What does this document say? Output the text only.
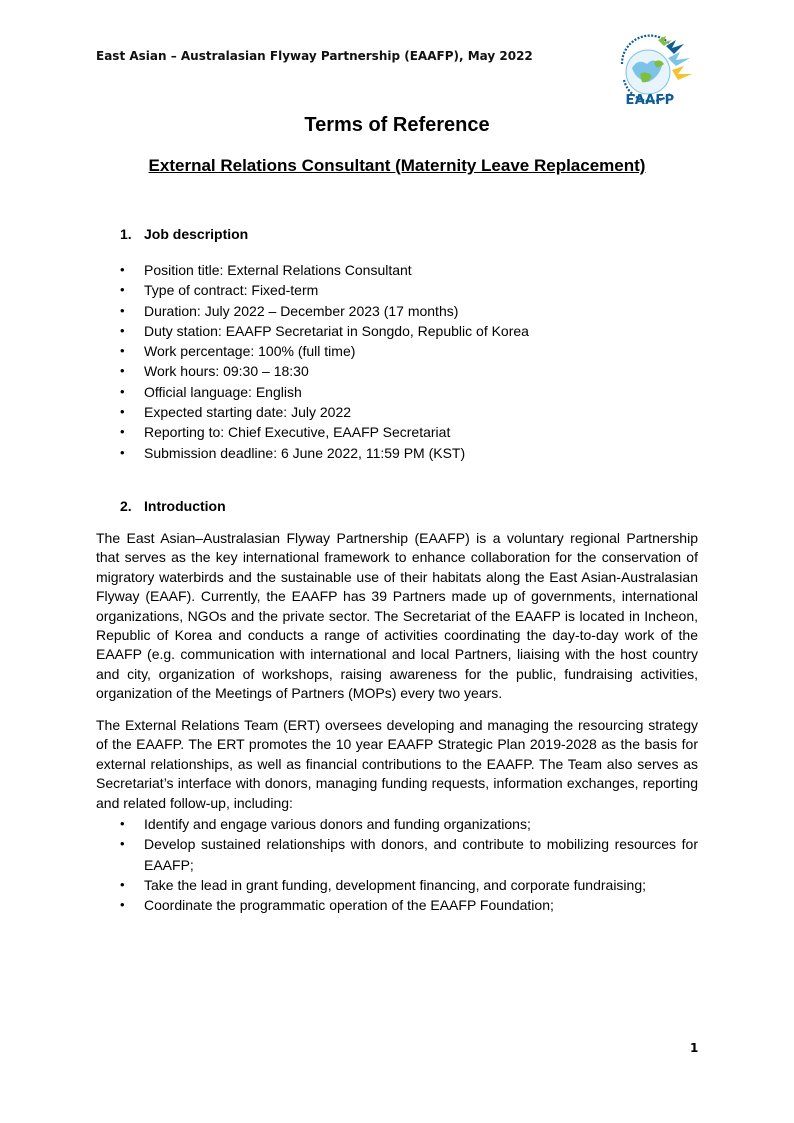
East Asian – Australasian Flyway Partnership (EAAFP), May 2022
EAAFP
Terms of Reference
External Relations Consultant (Maternity Leave Replacement)
1. Job description
• Position title: External Relations Consultant
• Type of contract: Fixed-term
• Duration: July 2022 – December 2023 (17 months)
• Duty station: EAAFP Secretariat in Songdo, Republic of Korea
• Work percentage: 100% (full time)
• Work hours: 09:30 – 18:30
• Official language: English
• Expected starting date: July 2022
• Reporting to: Chief Executive, EAAFP Secretariat
• Submission deadline: 6 June 2022, 11:59 PM (KST)
2. Introduction

The East Asian–Australasian Flyway Partnership (EAAFP) is a voluntary regional Partnership that serves as the key international framework to enhance collaboration for the conservation of migratory waterbirds and the sustainable use of their habitats along the East Asian-Australasian Flyway (EAAF). Currently, the EAAFP has 39 Partners made up of governments, international organizations, NGOs and the private sector. The Secretariat of the EAAFP is located in Incheon, Republic of Korea and conducts a range of activities coordinating the day-to-day work of the EAAFP (e.g. communication with international and local Partners, liaising with the host country and city, organization of workshops, raising awareness for the public, fundraising activities, organization of the Meetings of Partners (MOPs) every two years.

The External Relations Team (ERT) oversees developing and managing the resourcing strategy of the EAAFP. The ERT promotes the 10 year EAAFP Strategic Plan 2019-2028 as the basis for external relationships, as well as financial contributions to the EAAFP. The Team also serves as Secretariat’s interface with donors, managing funding requests, information exchanges, reporting and related follow-up, including:

• Identify and engage various donors and funding organizations;
• Develop sustained relationships with donors, and contribute to mobilizing resources for EAAFP;
• Take the lead in grant funding, development financing, and corporate fundraising;
• Coordinate the programmatic operation of the EAAFP Foundation;
1
